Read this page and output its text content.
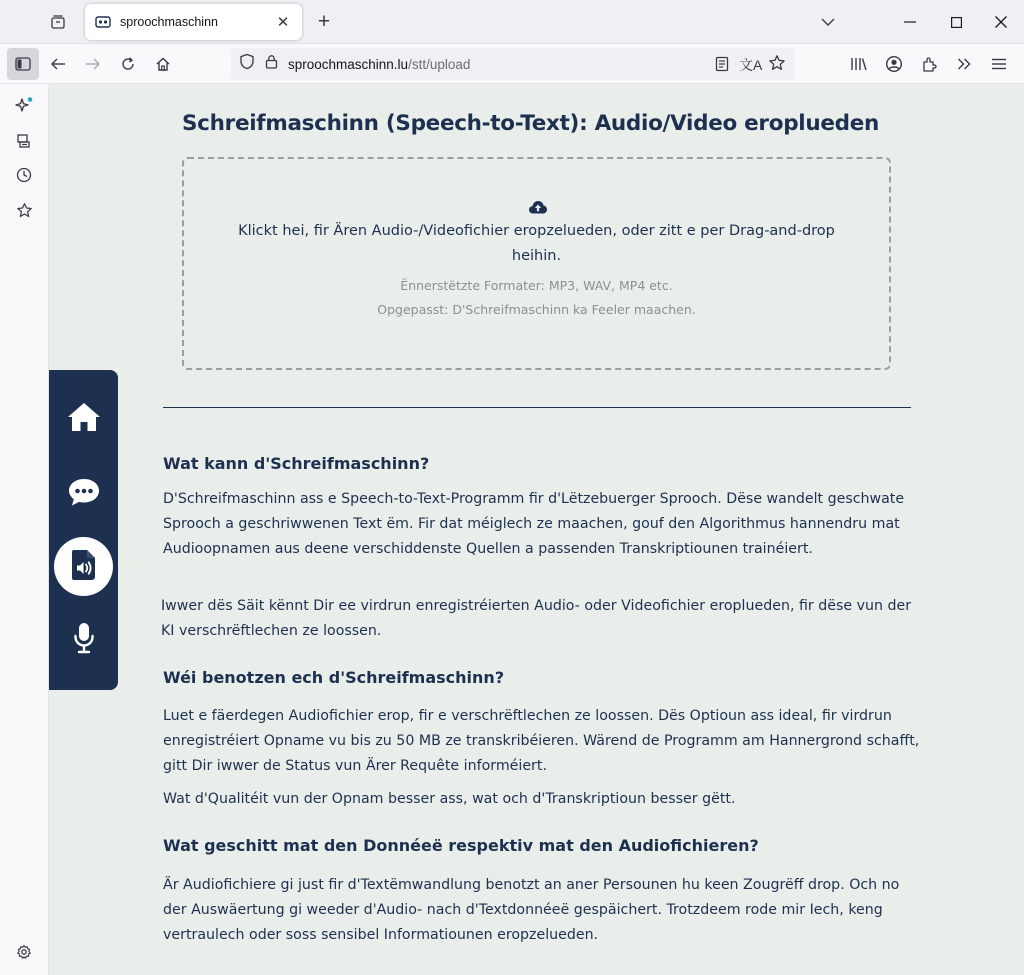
sproochmaschinn	✕ +
sproochmaschinn.lu/stt/upload	文A
Schreifmaschinn (Speech-to-Text): Audio/Video eroplueden
Klickt hei, fir Ären Audio-/Videofichier eropzelueden, oder zitt e per Drag-and-drop heihin.
Ënnerstëtzte Formater: MP3, WAV, MP4 etc.
Opgepasst: D'Schreifmaschinn ka Feeler maachen.
Wat kann d'Schreifmaschinn?

D'Schreifmaschinn ass e Speech-to-Text-Programm fir d'Lëtzebuerger Sprooch. Dëse wandelt geschwate Sprooch a geschriwwenen Text ëm. Fir dat méiglech ze maachen, gouf den Algorithmus hannendru mat Audioopnamen aus deene verschiddenste Quellen a passenden Transkriptiounen trainéiert.

Iwwer dës Säit kënnt Dir ee virdrun enregistréierten Audio- oder Videofichier eroplueden, fir dëse vun der KI verschrëftlechen ze loossen.

Wéi benotzen ech d'Schreifmaschinn?

Luet e fäerdegen Audiofichier erop, fir e verschrëftlechen ze loossen. Dës Optioun ass ideal, fir virdrun enregistréiert Opname vu bis zu 50 MB ze transkribéieren. Wärend de Programm am Hannergrond schafft, gitt Dir iwwer de Status vun Ärer Requête informéiert.

Wat d'Qualitéit vun der Opnam besser ass, wat och d'Transkriptioun besser gëtt.

Wat geschitt mat den Donnéeë respektiv mat den Audiofichieren?

Är Audiofichiere gi just fir d'Textëmwandlung benotzt an aner Persounen hu keen Zougrëff drop. Och no der Auswäertung gi weeder d'Audio- nach d'Textdonnéeë gespäichert. Trotzdeem rode mir Iech, keng vertraulech oder soss sensibel Informatiounen eropzelueden.
